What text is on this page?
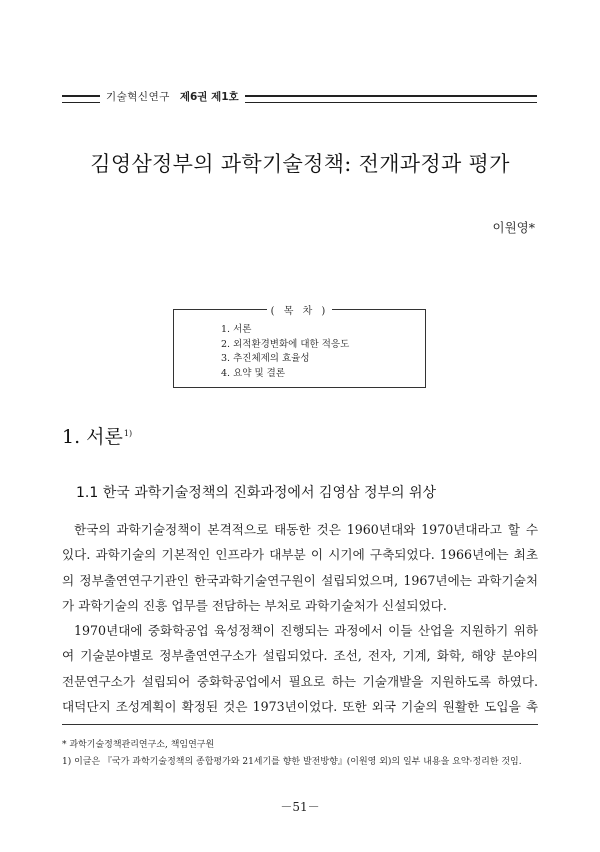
기술혁신연구 제6권 제1호
김영삼정부의 과학기술정책: 전개과정과 평가
이원영*
( 목 차 )
1. 서론
2. 외적환경변화에 대한 적응도
3. 추진체제의 효율성
4. 요약 및 결론
1. 서론$^{1)}$
1.1 한국 과학기술정책의 진화과정에서 김영삼 정부의 위상
한국의 과학기술정책이 본격적으로 태동한 것은 1960년대와 1970년대라고 할 수
있다. 과학기술의 기본적인 인프라가 대부분 이 시기에 구축되었다. 1966년에는 최초
의 정부출연연구기관인 한국과학기술연구원이 설립되었으며, 1967년에는 과학기술처
가 과학기술의 진흥 업무를 전담하는 부처로 과학기술처가 신설되었다.
1970년대에 중화학공업 육성정책이 진행되는 과정에서 이들 산업을 지원하기 위하
여 기술분야별로 정부출연연구소가 설립되었다. 조선, 전자, 기계, 화학, 해양 분야의
전문연구소가 설립되어 중화학공업에서 필요로 하는 기술개발을 지원하도록 하였다.
대덕단지 조성계획이 확정된 것은 1973년이었다. 또한 외국 기술의 원활한 도입을 촉
* 과학기술정책관리연구소, 책임연구원
1) 이글은 『국가 과학기술정책의 종합평가와 21세기를 향한 발전방향』(이원영 외)의 일부 내용을 요약·정리한 것임.
－51－
